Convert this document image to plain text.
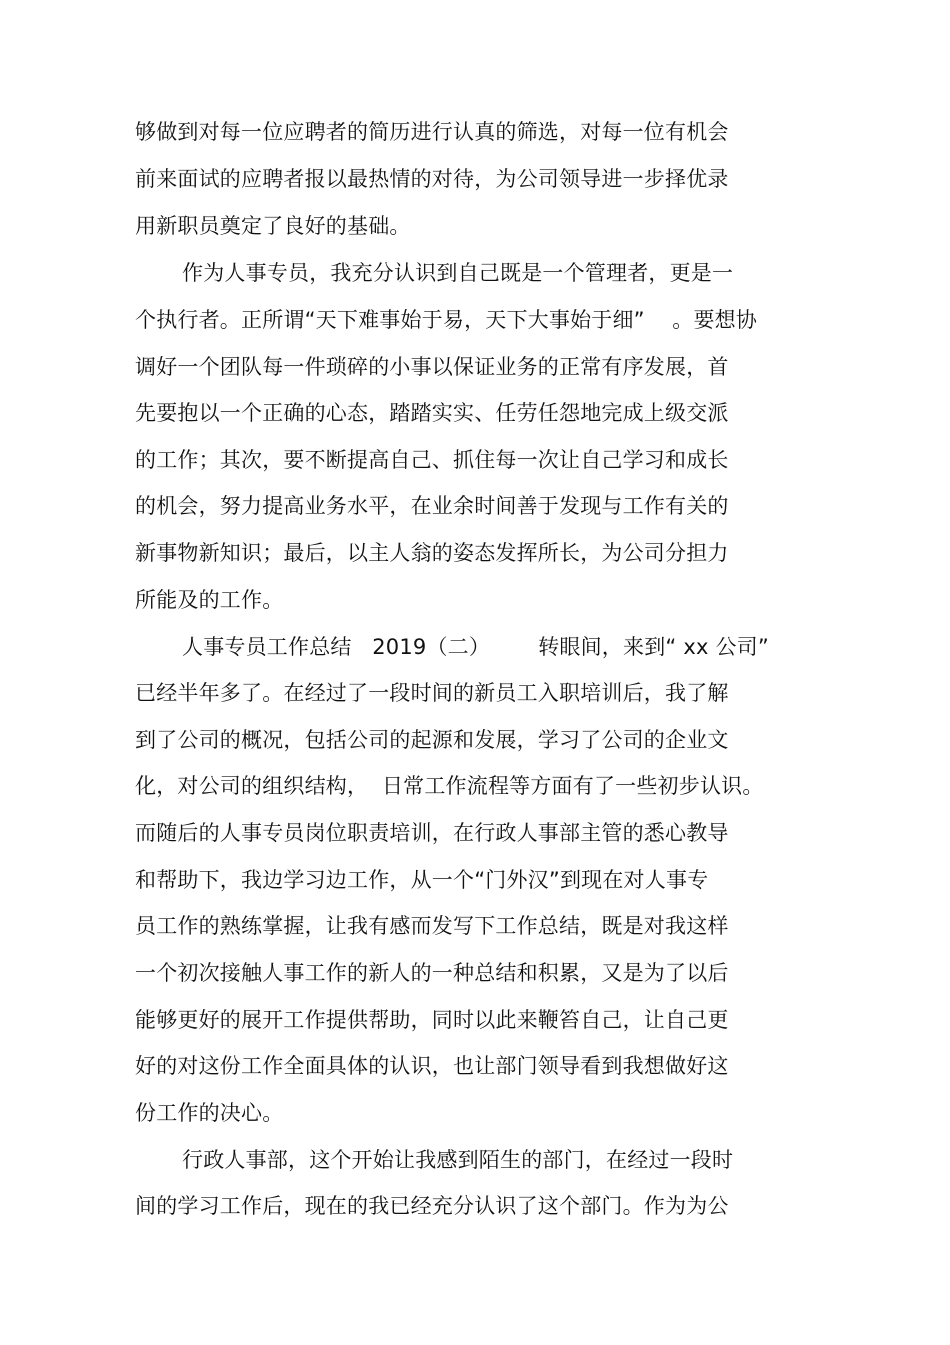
够做到对每一位应聘者的简历进行认真的筛选，对每一位有机会
前来面试的应聘者报以最热情的对待，为公司领导进一步择优录
用新职员奠定了良好的基础。
作为人事专员，我充分认识到自己既是一个管理者，更是一
个执行者。正所谓“天下难事始于易，天下大事始于细”    。要想协
调好一个团队每一件琐碎的小事以保证业务的正常有序发展，首
先要抱以一个正确的心态，踏踏实实、任劳任怨地完成上级交派
的工作；其次，要不断提高自己、抓住每一次让自己学习和成长
的机会，努力提高业务水平，在业余时间善于发现与工作有关的
新事物新知识；最后，以主人翁的姿态发挥所长，为公司分担力
所能及的工作。
人事专员工作总结   2019（二）       转眼间，来到“ xx 公司”
已经半年多了。在经过了一段时间的新员工入职培训后，我了解
到了公司的概况，包括公司的起源和发展，学习了公司的企业文
化，对公司的组织结构，  日常工作流程等方面有了一些初步认识。
而随后的人事专员岗位职责培训，在行政人事部主管的悉心教导
和帮助下，我边学习边工作，从一个“门外汉”到现在对人事专
员工作的熟练掌握，让我有感而发写下工作总结，既是对我这样
一个初次接触人事工作的新人的一种总结和积累，又是为了以后
能够更好的展开工作提供帮助，同时以此来鞭笞自己，让自己更
好的对这份工作全面具体的认识，也让部门领导看到我想做好这
份工作的决心。
行政人事部，这个开始让我感到陌生的部门，在经过一段时
间的学习工作后，现在的我已经充分认识了这个部门。作为为公
